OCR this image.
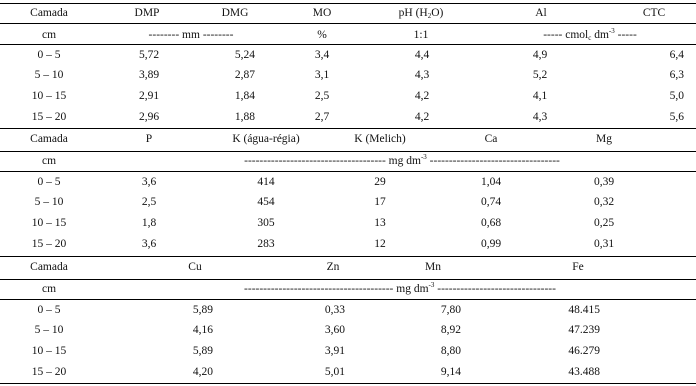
Camada	DMP	DMG	MO	pH $(H_2O)$	Al	CTC
cm	-------- mm --------	%	1:1	----- cmol$_c$ $dm^{-3}$ -----
0 – 5	5,72	5,24	3,4	4,4	4,9	6,4
5 – 10	3,89	2,87	3,1	4,3	5,2	6,3
10 – 15	2,91	1,84	2,5	4,2	4,1	5,0
15 – 20	2,96	1,88	2,7	4,2	4,3	5,6
Camada	P	K (água-régia)	K (Melich)	Ca	Mg
cm	------------------------------------- mg $dm^{-3}$ ----------------------------------
0 – 5	3,6	414	29	1,04	0,39
5 – 10	2,5	454	17	0,74	0,32
10 – 15	1,8	305	13	0,68	0,25
15 – 20	3,6	283	12	0,99	0,31
Camada	Cu	Zn	Mn	Fe
cm	--------------------------------------- mg $dm^{-3}$ -------------------------------
0 – 5	5,89	0,33	7,80	48.415
5 – 10	4,16	3,60	8,92	47.239
10 – 15	5,89	3,91	8,80	46.279
15 – 20	4,20	5,01	9,14	43.488
